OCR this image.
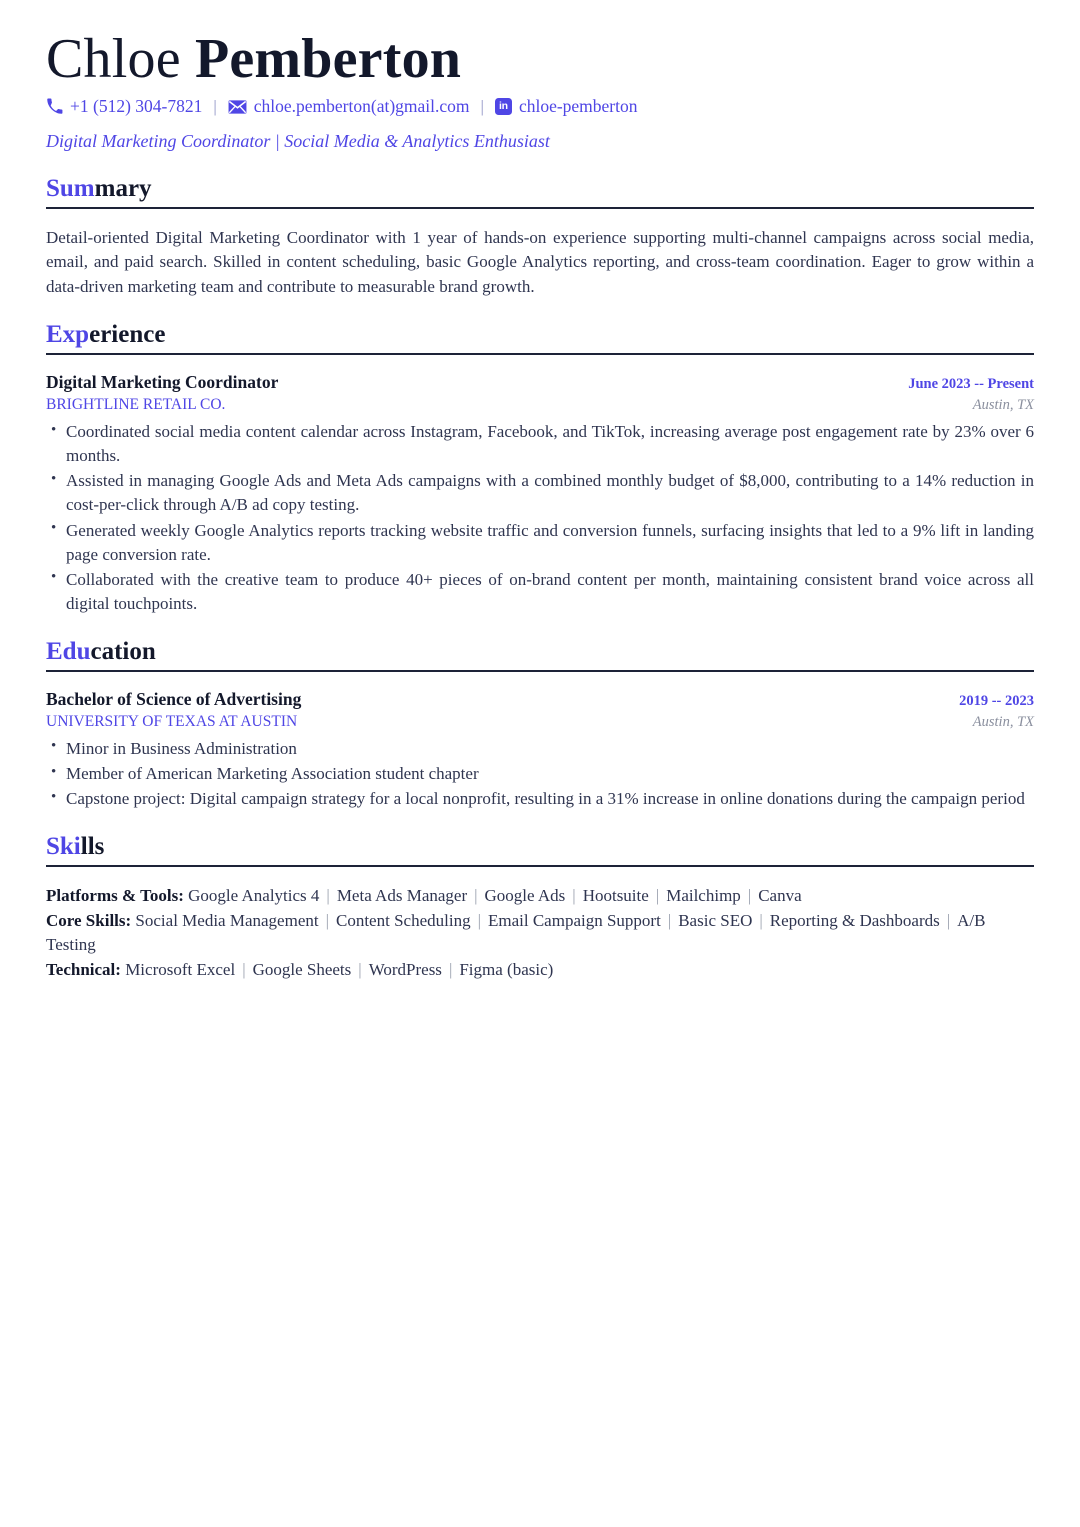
Chloe Pemberton
+1 (512) 304-7821 |	chloe.pemberton(at)gmail.com |	in chloe-pemberton
Digital Marketing Coordinator | Social Media & Analytics Enthusiast
Summary

Detail-oriented Digital Marketing Coordinator with 1 year of hands-on experience supporting multi-channel campaigns across social media, email, and paid search. Skilled in content scheduling, basic Google Analytics reporting, and cross-team coordination. Eager to grow within a data-driven marketing team and contribute to measurable brand growth.

Experience
Digital Marketing Coordinator	June 2023 -- Present
BRIGHTLINE RETAIL CO.	Austin, TX
• Coordinated social media content calendar across Instagram, Facebook, and TikTok, increasing average post engagement rate by 23% over 6 months.
• Assisted in managing Google Ads and Meta Ads campaigns with a combined monthly budget of $8,000, contributing to a 14% reduction in cost-per-click through A/B ad copy testing.
• Generated weekly Google Analytics reports tracking website traffic and conversion funnels, surfacing insights that led to a 9% lift in landing page conversion rate.
• Collaborated with the creative team to produce 40+ pieces of on-brand content per month, maintaining consistent brand voice across all digital touchpoints.
Education
Bachelor of Science of Advertising	2019 -- 2023
UNIVERSITY OF TEXAS AT AUSTIN	Austin, TX
• Minor in Business Administration
• Member of American Marketing Association student chapter
• Capstone project: Digital campaign strategy for a local nonprofit, resulting in a 31% increase in online donations during the campaign period
Skills
Platforms & Tools: Google Analytics 4 | Meta Ads Manager | Google Ads | Hootsuite | Mailchimp | Canva
Core Skills: Social Media Management | Content Scheduling | Email Campaign Support | Basic SEO | Reporting & Dashboards | A/B Testing
Technical: Microsoft Excel | Google Sheets | WordPress | Figma (basic)
